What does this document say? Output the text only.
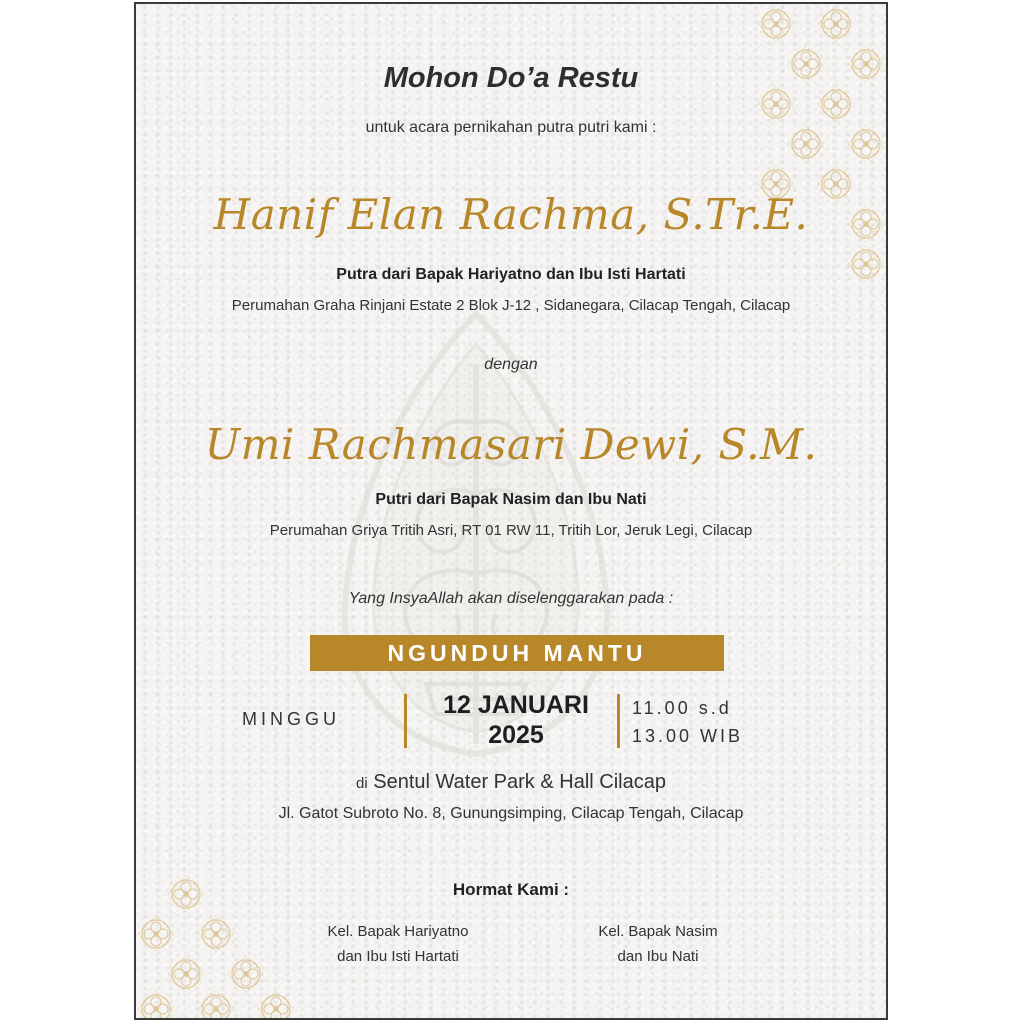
Mohon Do’a Restu
untuk acara pernikahan putra putri kami :
Hanif Elan Rachma, S.Tr.E.
Putra dari Bapak Hariyatno dan Ibu Isti Hartati
Perumahan Graha Rinjani Estate 2 Blok J-12 , Sidanegara, Cilacap Tengah, Cilacap
dengan
Umi Rachmasari Dewi, S.M.
Putri dari Bapak Nasim dan Ibu Nati
Perumahan Griya Tritih Asri, RT 01 RW 11, Tritih Lor, Jeruk Legi, Cilacap
Yang InsyaAllah akan diselenggarakan pada :
NGUNDUH MANTU
MINGGU	12 JANUARI
2025
11.00 s.d
13.00 WIB
di Sentul Water Park & Hall Cilacap
Jl. Gatot Subroto No. 8, Gunungsimping, Cilacap Tengah, Cilacap
Hormat Kami :
Kel. Bapak Hariyatno
dan Ibu Isti Hartati
Kel. Bapak Nasim
dan Ibu Nati
